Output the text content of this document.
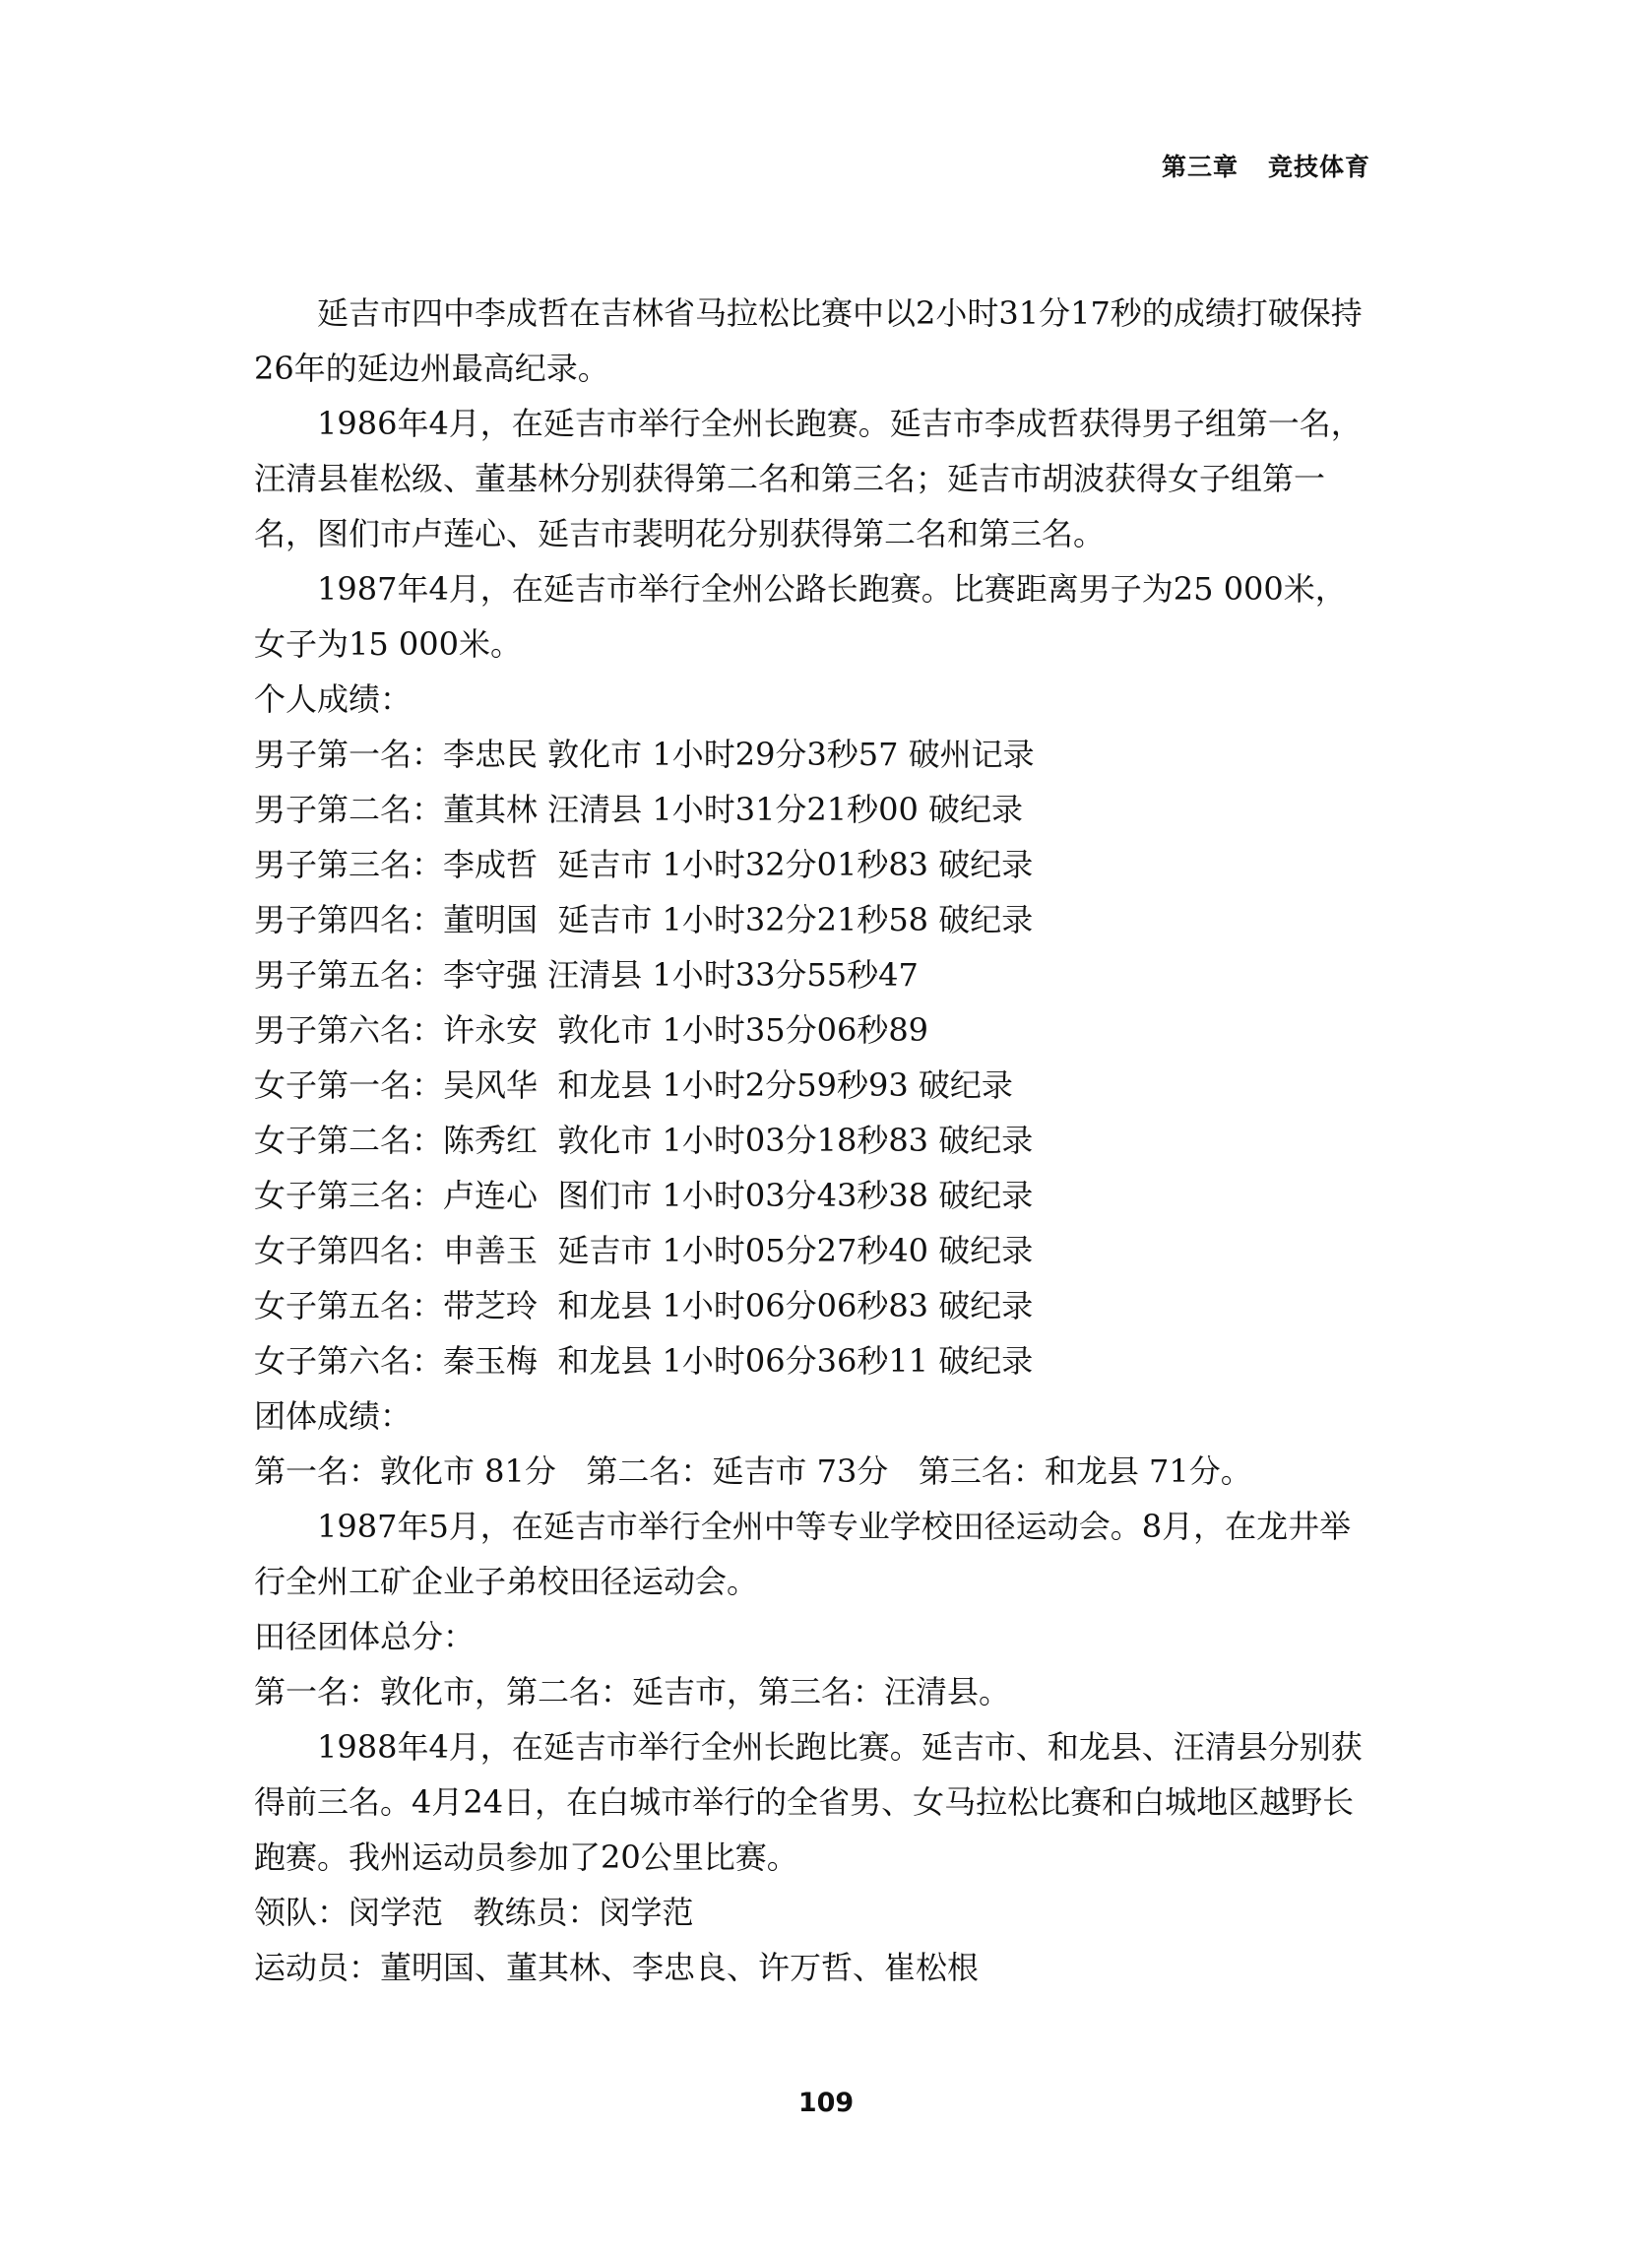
第三章 竞技体育

延吉市四中李成哲在吉林省马拉松比赛中以2小时31分17秒的成绩打破保持26年的延边州最高纪录。

1986年4月，在延吉市举行全州长跑赛。延吉市李成哲获得男子组第一名，汪清县崔松级、董基林分别获得第二名和第三名；延吉市胡波获得女子组第一名，图们市卢莲心、延吉市裴明花分别获得第二名和第三名。

1987年4月，在延吉市举行全州公路长跑赛。比赛距离男子为25 000米，女子为15 000米。

个人成绩：

男子第一名：李忠民 敦化市 1小时29分3秒57 破州记录

男子第二名：董其林 汪清县 1小时31分21秒00 破纪录

男子第三名：李成哲  延吉市 1小时32分01秒83 破纪录

男子第四名：董明国  延吉市 1小时32分21秒58 破纪录

男子第五名：李守强 汪清县 1小时33分55秒47

男子第六名：许永安  敦化市 1小时35分06秒89

女子第一名：吴风华  和龙县 1小时2分59秒93 破纪录

女子第二名：陈秀红  敦化市 1小时03分18秒83 破纪录

女子第三名：卢连心  图们市 1小时03分43秒38 破纪录

女子第四名：申善玉  延吉市 1小时05分27秒40 破纪录

女子第五名：带芝玲  和龙县 1小时06分06秒83 破纪录

女子第六名：秦玉梅  和龙县 1小时06分36秒11 破纪录

团体成绩：

第一名：敦化市 81分   第二名：延吉市 73分   第三名：和龙县 71分。

1987年5月，在延吉市举行全州中等专业学校田径运动会。8月，在龙井举行全州工矿企业子弟校田径运动会。

田径团体总分：

第一名：敦化市，第二名：延吉市，第三名：汪清县。

1988年4月，在延吉市举行全州长跑比赛。延吉市、和龙县、汪清县分别获得前三名。4月24日，在白城市举行的全省男、女马拉松比赛和白城地区越野长跑赛。我州运动员参加了20公里比赛。

领队：闵学范   教练员：闵学范

运动员：董明国、董其林、李忠良、许万哲、崔松根

109
